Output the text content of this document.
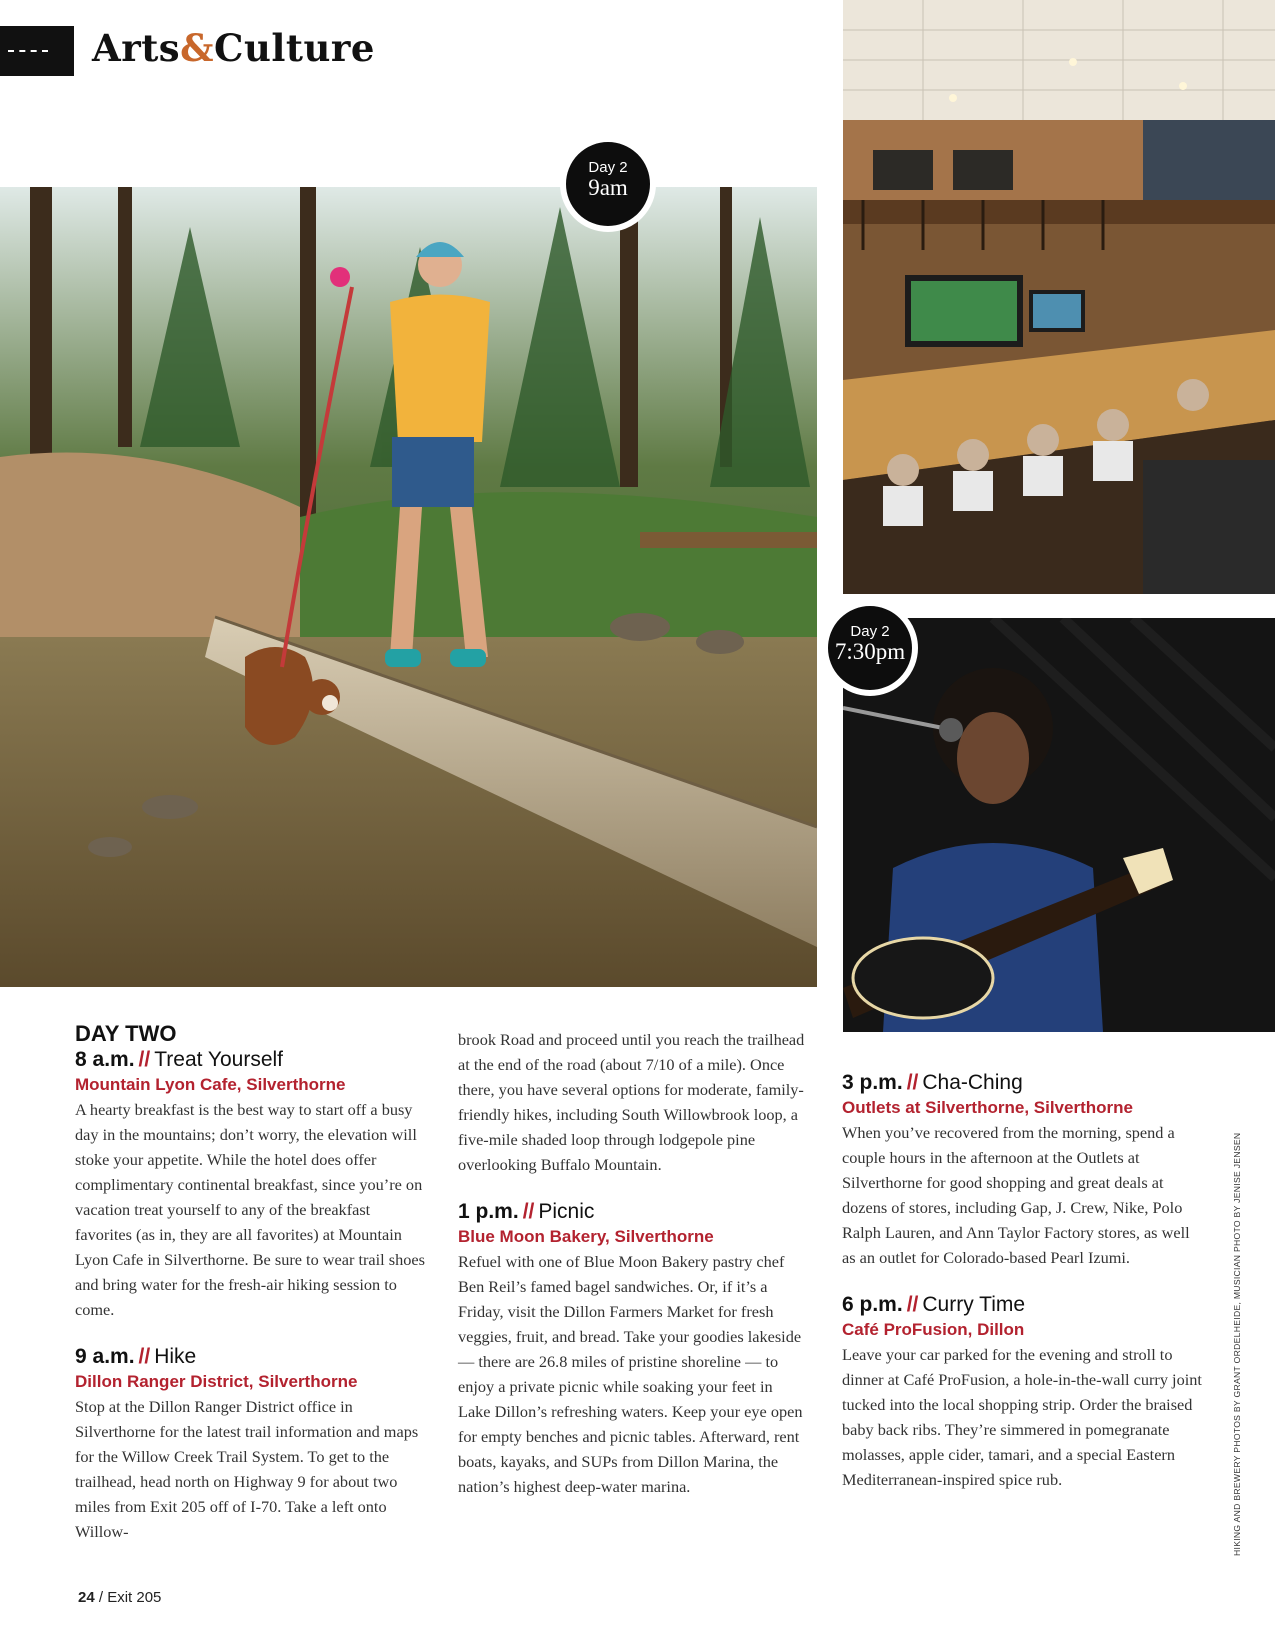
Arts&Culture
Day 2
9am
Day 2
7:30pm
DAY TWO
8 a.m. // Treat Yourself
Mountain Lyon Cafe, Silverthorne

A hearty breakfast is the best way to start off a busy day in the mountains; don’t worry, the elevation will stoke your appetite. While the hotel does offer complimentary continental breakfast, since you’re on vacation treat yourself to any of the breakfast favorites (as in, they are all favorites) at Mountain Lyon Cafe in Silverthorne. Be sure to wear trail shoes and bring water for the fresh-air hiking session to come.

9 a.m. // Hike
Dillon Ranger District, Silverthorne

Stop at the Dillon Ranger District office in Silverthorne for the latest trail information and maps for the Willow Creek Trail System. To get to the trailhead, head north on Highway 9 for about two miles from Exit 205 off of I-70. Take a left onto Willow-

brook Road and proceed until you reach the trailhead at the end of the road (about 7/10 of a mile). Once there, you have several options for moderate, family-friendly hikes, including South Willowbrook loop, a five-mile shaded loop through lodgepole pine overlooking Buffalo Mountain.

1 p.m. // Picnic
Blue Moon Bakery, Silverthorne

Refuel with one of Blue Moon Bakery pastry chef Ben Reil’s famed bagel sandwiches. Or, if it’s a Friday, visit the Dillon Farmers Market for fresh veggies, fruit, and bread. Take your goodies lakeside — there are 26.8 miles of pristine shoreline — to enjoy a private picnic while soaking your feet in Lake Dillon’s refreshing waters. Keep your eye open for empty benches and picnic tables. Afterward, rent boats, kayaks, and SUPs from Dillon Marina, the nation’s highest deep-water marina.

3 p.m. // Cha-Ching
Outlets at Silverthorne, Silverthorne

When you’ve recovered from the morning, spend a couple hours in the afternoon at the Outlets at Silverthorne for good shopping and great deals at dozens of stores, including Gap, J. Crew, Nike, Polo Ralph Lauren, and Ann Taylor Factory stores, as well as an outlet for Colorado-based Pearl Izumi.

6 p.m. // Curry Time
Café ProFusion, Dillon

Leave your car parked for the evening and stroll to dinner at Café ProFusion, a hole-in-the-wall curry joint tucked into the local shopping strip. Order the braised baby back ribs. They’re simmered in pomegranate molasses, apple cider, tamari, and a special Eastern Mediterranean-inspired spice rub.

24 / Exit 205
HIKING AND BREWERY PHOTOS BY GRANT ORDELHEIDE, MUSICIAN PHOTO BY JENISE JENSEN
